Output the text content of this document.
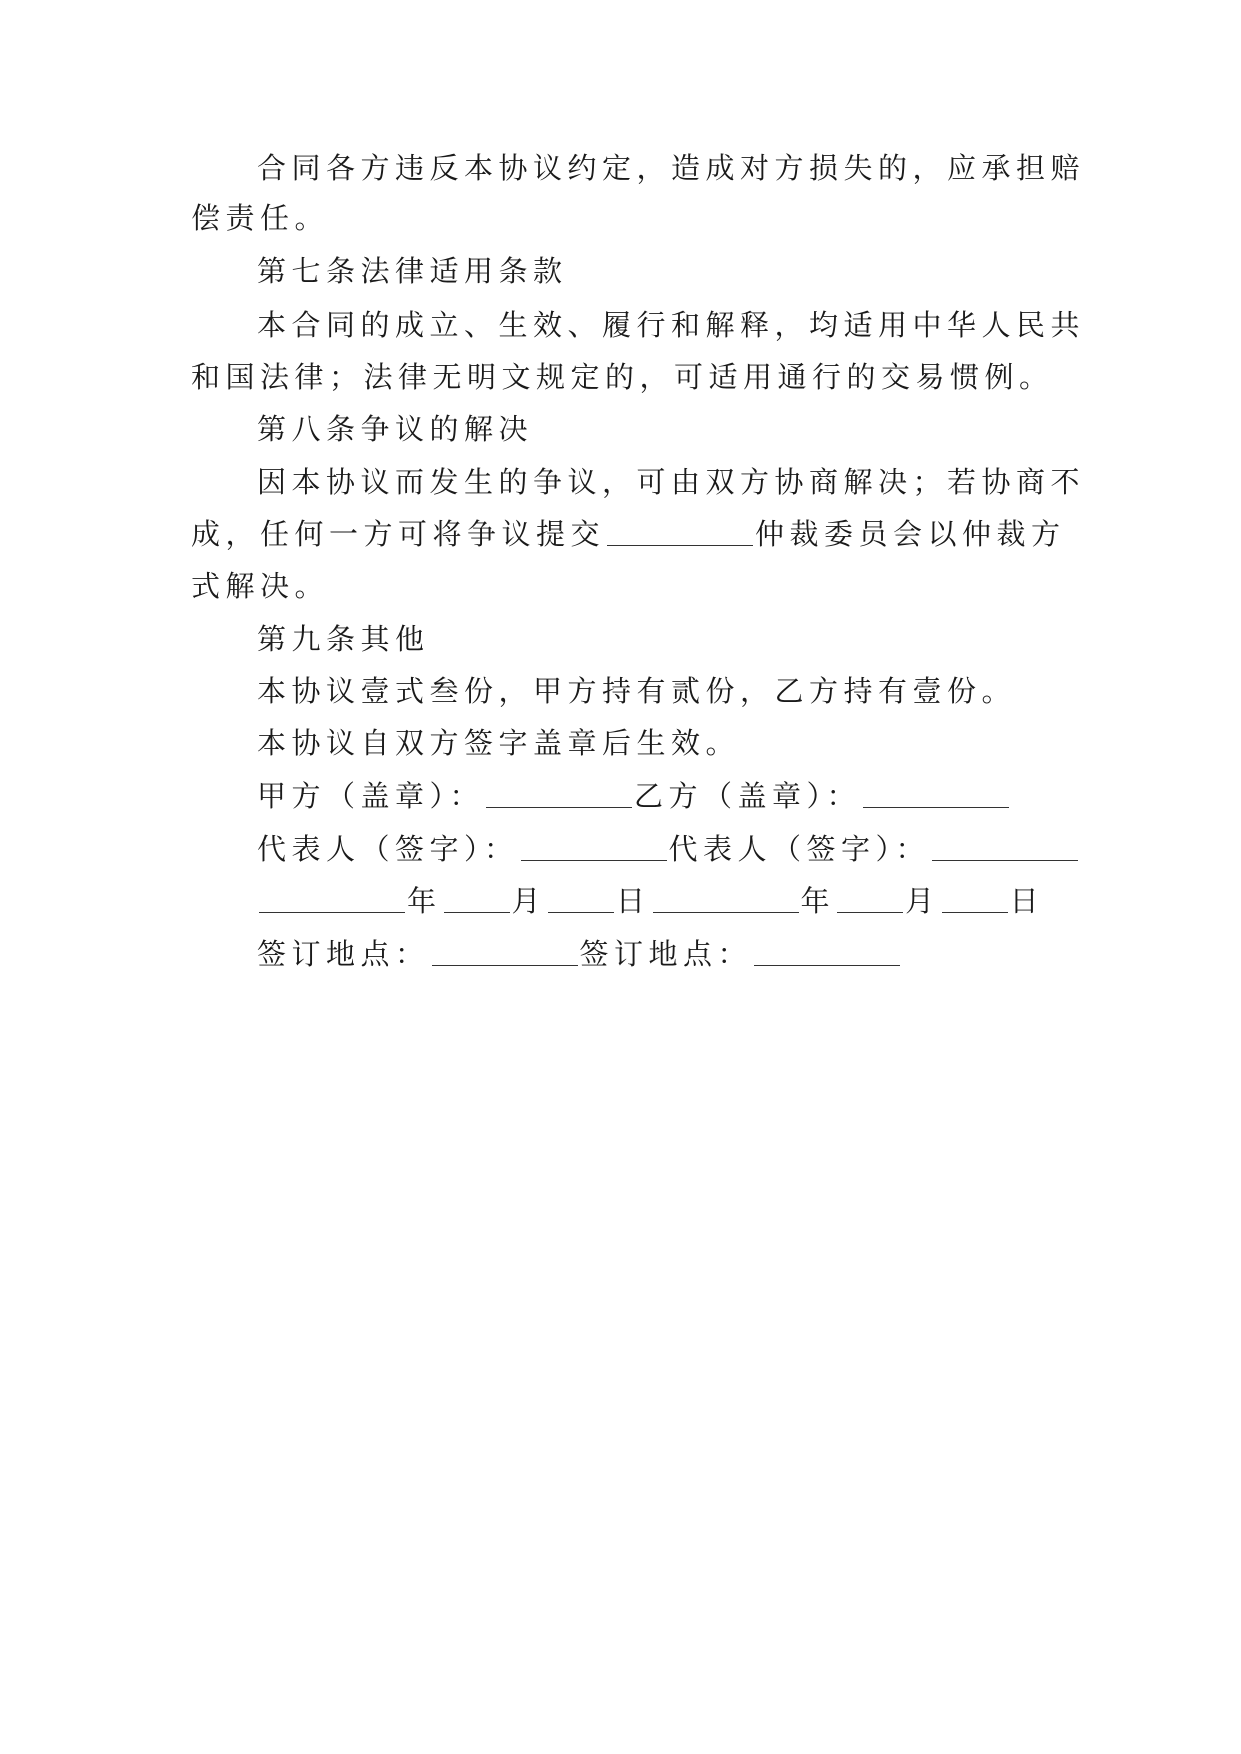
合同各方违反本协议约定，造成对方损失的，应承担赔
偿责任。
第七条法律适用条款
本合同的成立、生效、履行和解释，均适用中华人民共
和国法律；法律无明文规定的，可适用通行的交易惯例。
第八条争议的解决
因本协议而发生的争议，可由双方协商解决；若协商不
成，任何一方可将争议提交	仲裁委员会以仲裁方
式解决。
第九条其他
本协议壹式叁份，甲方持有贰份，乙方持有壹份。
本协议自双方签字盖章后生效。
甲方（盖章）：	乙方（盖章）：
代表人（签字）：	代表人（签字）：
年 月 日	年 月 日
签订地点：	签订地点：
